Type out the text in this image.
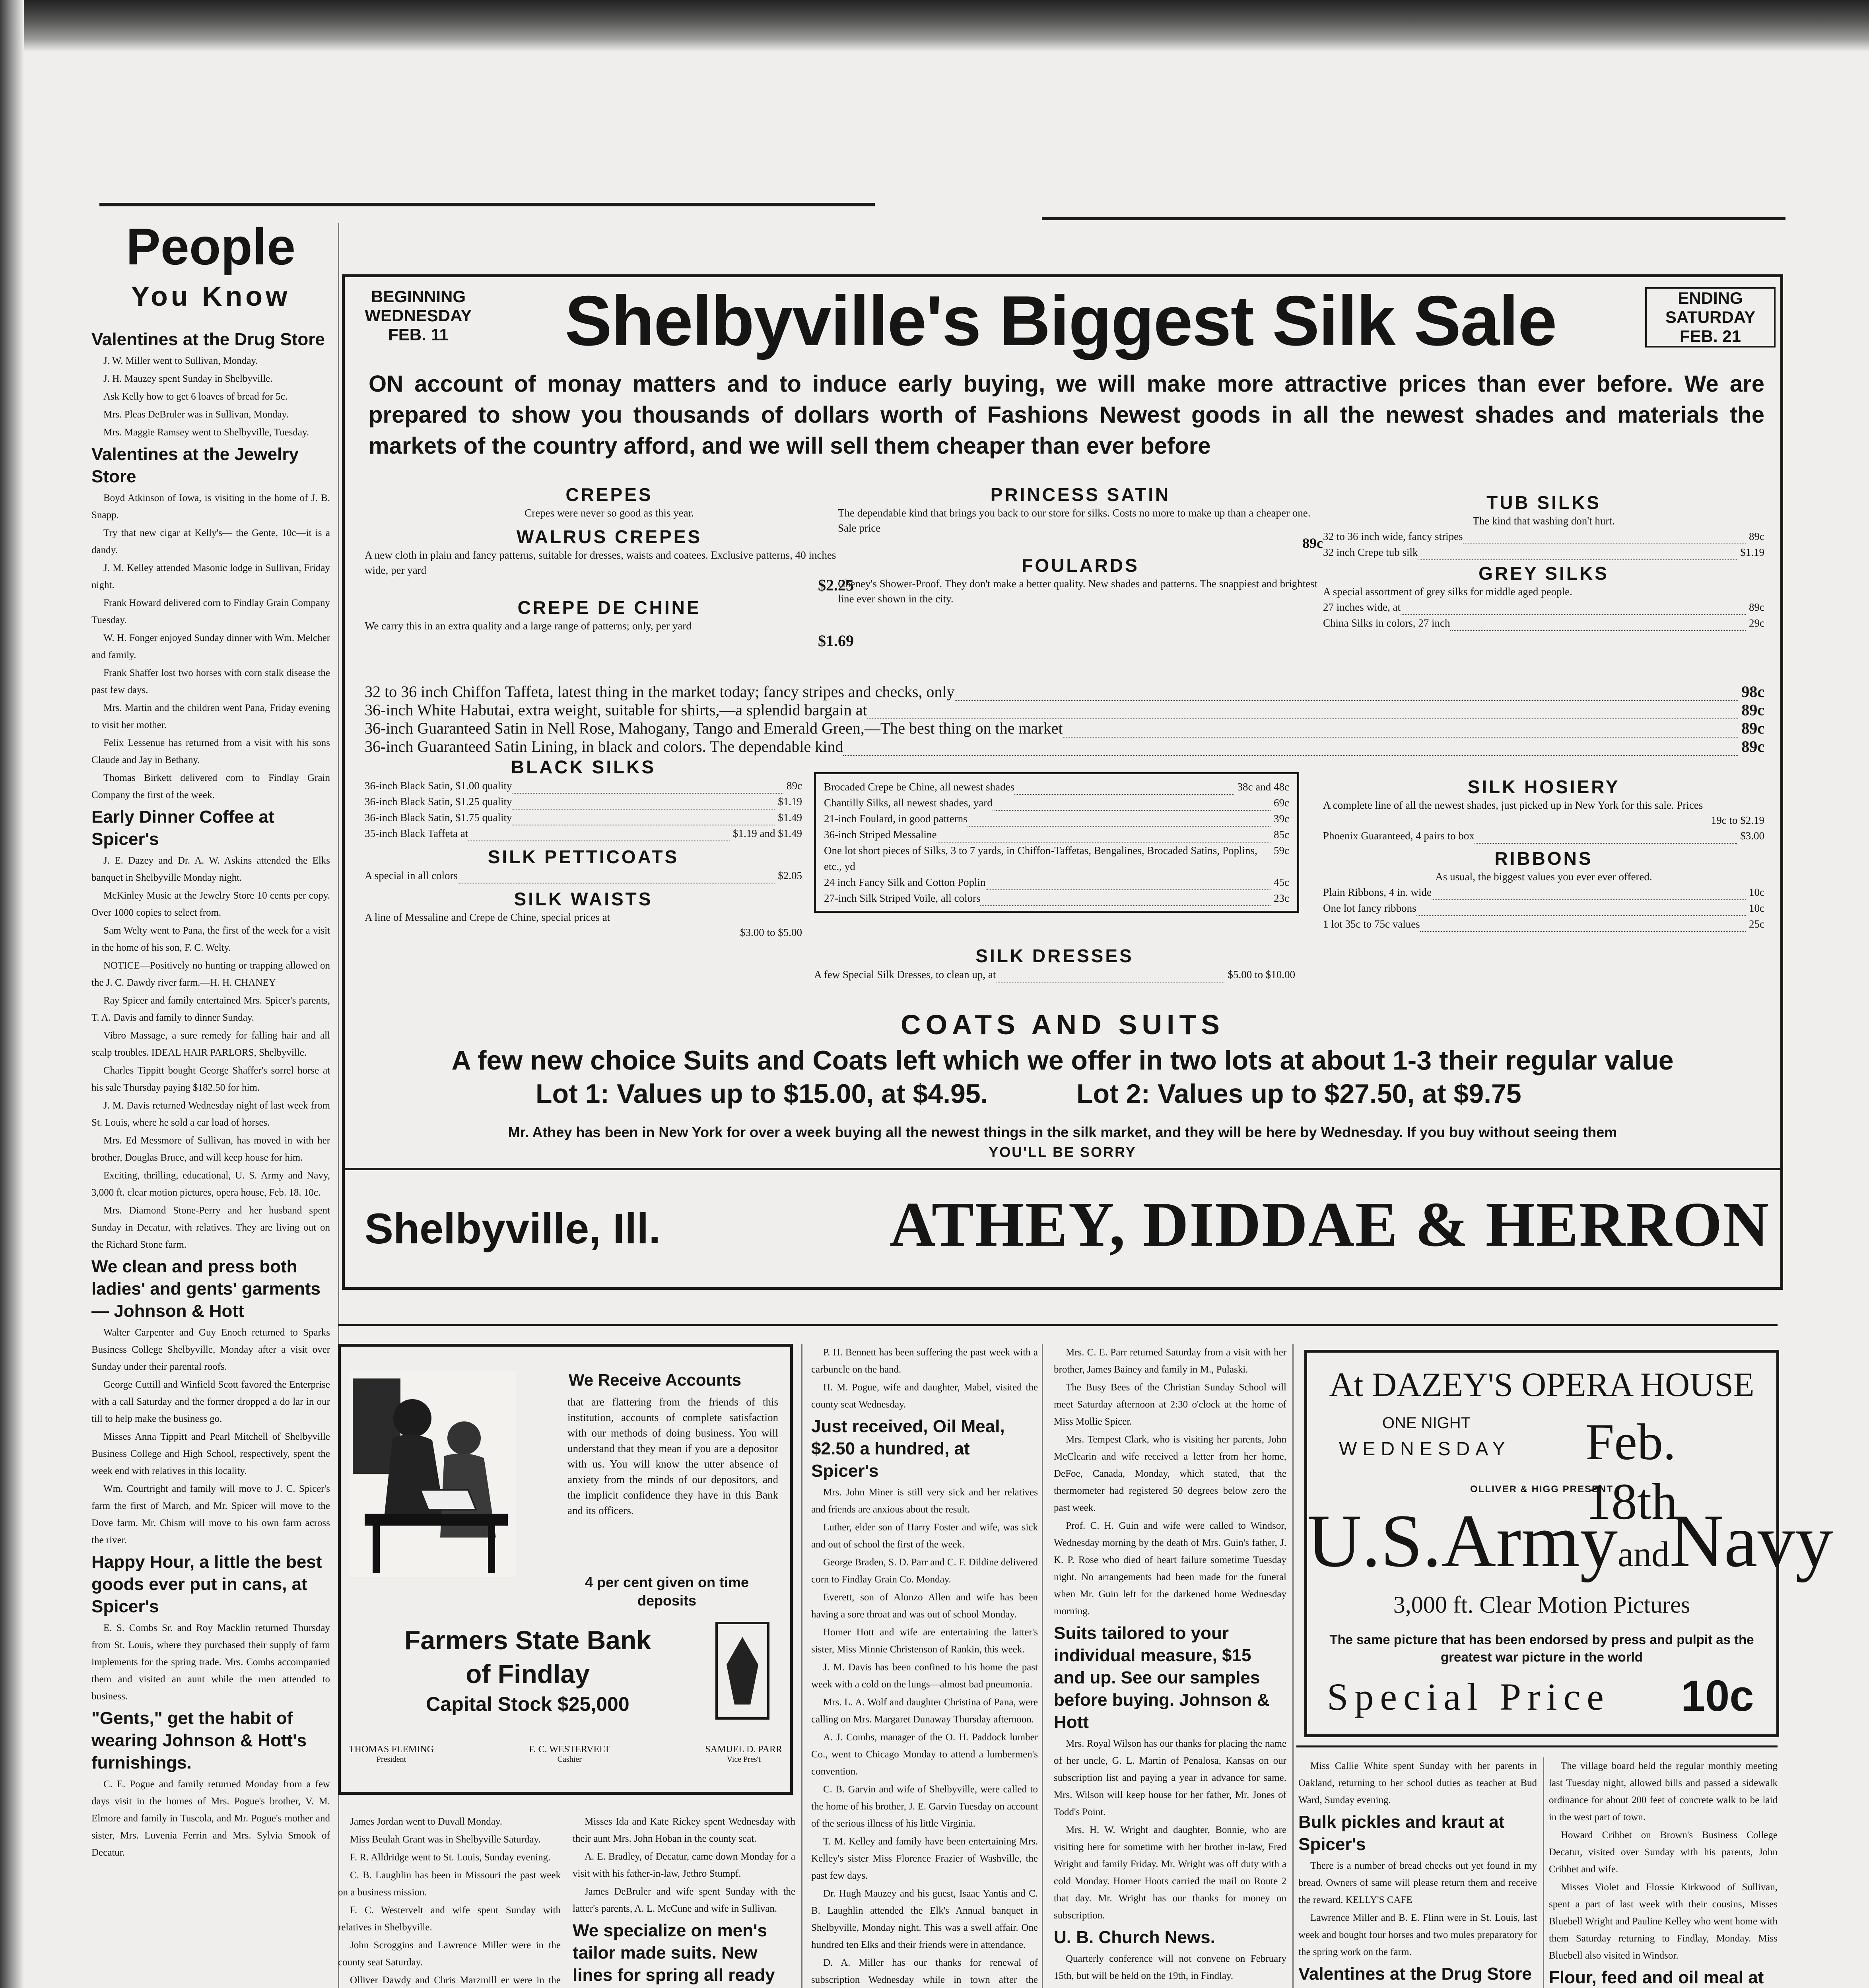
People
You Know

Valentines at the Drug Store

J. W. Miller went to Sullivan, Monday.

J. H. Mauzey spent Sunday in Shelbyville.

Ask Kelly how to get 6 loaves of bread for 5c.

Mrs. Pleas DeBruler was in Sullivan, Monday.

Mrs. Maggie Ramsey went to Shelbyville, Tuesday.

Valentines at the Jewelry Store

Boyd Atkinson of Iowa, is visiting in the home of J. B. Snapp.

Try that new cigar at Kelly's— the Gente, 10c—it is a dandy.

J. M. Kelley attended Masonic lodge in Sullivan, Friday night.

Frank Howard delivered corn to Findlay Grain Company Tuesday.

W. H. Fonger enjoyed Sunday dinner with Wm. Melcher and family.

Frank Shaffer lost two horses with corn stalk disease the past few days.

Mrs. Martin and the children went Pana, Friday evening to visit her mother.

Felix Lessenue has returned from a visit with his sons Claude and Jay in Bethany.

Thomas Birkett delivered corn to Findlay Grain Company the first of the week.

Early Dinner Coffee at Spicer's

J. E. Dazey and Dr. A. W. Askins attended the Elks banquet in Shelbyville Monday night.

McKinley Music at the Jewelry Store 10 cents per copy. Over 1000 copies to select from.

Sam Welty went to Pana, the first of the week for a visit in the home of his son, F. C. Welty.

NOTICE—Positively no hunting or trapping allowed on the J. C. Dawdy river farm.—H. H. CHANEY

Ray Spicer and family entertained Mrs. Spicer's parents, T. A. Davis and family to dinner Sunday.

Vibro Massage, a sure remedy for falling hair and all scalp troubles. IDEAL HAIR PARLORS, Shelbyville.

Charles Tippitt bought George Shaffer's sorrel horse at his sale Thursday paying $182.50 for him.

J. M. Davis returned Wednesday night of last week from St. Louis, where he sold a car load of horses.

Mrs. Ed Messmore of Sullivan, has moved in with her brother, Douglas Bruce, and will keep house for him.

Exciting, thrilling, educational, U. S. Army and Navy, 3,000 ft. clear motion pictures, opera house, Feb. 18. 10c.

Mrs. Diamond Stone-Perry and her husband spent Sunday in Decatur, with relatives. They are living out on the Richard Stone farm.

We clean and press both ladies' and gents' garments — Johnson & Hott

Walter Carpenter and Guy Enoch returned to Sparks Business College Shelbyville, Monday after a visit over Sunday under their parental roofs.

George Cuttill and Winfield Scott favored the Enterprise with a call Saturday and the former dropped a do lar in our till to help make the business go.

Misses Anna Tippitt and Pearl Mitchell of Shelbyville Business College and High School, respectively, spent the week end with relatives in this locality.

Wm. Courtright and family will move to J. C. Spicer's farm the first of March, and Mr. Spicer will move to the Dove farm. Mr. Chism will move to his own farm across the river.

Happy Hour, a little the best goods ever put in cans, at Spicer's

E. S. Combs Sr. and Roy Macklin returned Thursday from St. Louis, where they purchased their supply of farm implements for the spring trade. Mrs. Combs accompanied them and visited an aunt while the men attended to business.

"Gents," get the habit of wearing Johnson & Hott's furnishings.

C. E. Pogue and family returned Monday from a few days visit in the homes of Mrs. Pogue's brother, V. M. Elmore and family in Tuscola, and Mr. Pogue's mother and sister, Mrs. Luvenia Ferrin and Mrs. Sylvia Smook of Decatur.

BEGINNING
WEDNESDAY
FEB. 11	Shelbyville's Biggest Silk Sale	ENDING
SATURDAY
FEB. 21
ON account of monay matters and to induce early buying, we will make more attractive prices than ever before. We are prepared to show you thousands of dollars worth of Fashions Newest goods in all the newest shades and materials the markets of the country afford, and we will sell them cheaper than ever before
CREPES
Crepes were never so good as this year.
WALRUS CREPES
A new cloth in plain and fancy patterns, suitable for dresses, waists and coatees. Exclusive patterns, 40 inches wide, per yard
$2.25
CREPE DE CHINE
We carry this in an extra quality and a large range of patterns; only, per yard
$1.69
PRINCESS SATIN
The dependable kind that brings you back to our store for silks. Costs no more to make up than a cheaper one. Sale price
89c
FOULARDS
Cheney's Shower-Proof. They don't make a better quality. New shades and patterns. The snappiest and brightest line ever shown in the city.
TUB SILKS
The kind that washing don't hurt.
32 to 36 inch wide, fancy stripes	89c
32 inch Crepe tub silk	$1.19
GREY SILKS
A special assortment of grey silks for middle aged people.
27 inches wide, at	89c
China Silks in colors, 27 inch	29c
32 to 36 inch Chiffon Taffeta, latest thing in the market today; fancy stripes and checks, only	98c
36-inch White Habutai, extra weight, suitable for shirts,—a splendid bargain at	89c
36-inch Guaranteed Satin in Nell Rose, Mahogany, Tango and Emerald Green,—The best thing on the market	89c
36-inch Guaranteed Satin Lining, in black and colors. The dependable kind	89c
BLACK SILKS
36-inch Black Satin, $1.00 quality	89c
36-inch Black Satin, $1.25 quality	$1.19
36-inch Black Satin, $1.75 quality	$1.49
35-inch Black Taffeta at	$1.19 and $1.49
SILK PETTICOATS
A special in all colors	$2.05
SILK WAISTS
A line of Messaline and Crepe de Chine, special prices at
$3.00 to $5.00
Brocaded Crepe be Chine, all newest shades	38c and 48c
Chantilly Silks, all newest shades, yard	69c
21-inch Foulard, in good patterns	39c
36-inch Striped Messaline	85c
One lot short pieces of Silks, 3 to 7 yards, in Chiffon-Taffetas, Bengalines, Brocaded Satins, Poplins, etc., yd
59c
24 inch Fancy Silk and Cotton Poplin	45c
27-inch Silk Striped Voile, all colors	23c
SILK DRESSES
A few Special Silk Dresses, to clean up, at	$5.00 to $10.00
SILK HOSIERY
A complete line of all the newest shades, just picked up in New York for this sale. Prices
19c to $2.19
Phoenix Guaranteed, 4 pairs to box	$3.00
RIBBONS
As usual, the biggest values you ever ever offered.
Plain Ribbons, 4 in. wide	10c
One lot fancy ribbons	10c
1 lot 35c to 75c values	25c
COATS AND SUITS
A few new choice Suits and Coats left which we offer in two lots at about 1-3 their regular value
Lot 1: Values up to $15.00, at $4.95.	Lot 2: Values up to $27.50, at $9.75
Mr. Athey has been in New York for over a week buying all the newest things in the silk market, and they will be here by Wednesday. If you buy without seeing them
YOU'LL BE SORRY
Shelbyville, Ill.	ATHEY, DIDDAE & HERRON
We Receive Accounts
that are flattering from the friends of this institution, accounts of complete satisfaction with our methods of doing business. You will understand that they mean if you are a depositor with us. You will know the utter absence of anxiety from the minds of our depositors, and the implicit confidence they have in this Bank and its officers.
4 per cent given on time deposits
Farmers State Bank
of Findlay
Capital Stock $25,000
THOMAS FLEMING
President
F. C. WESTERVELT
Cashier
SAMUEL D. PARR
Vice Pres't

James Jordan went to Duvall Monday.

Miss Beulah Grant was in Shelbyville Saturday.

F. R. Alldridge went to St. Louis, Sunday evening.

C. B. Laughlin has been in Missouri the past week on a business mission.

F. C. Westervelt and wife spent Sunday with relatives in Shelbyville.

John Scroggins and Lawrence Miller were in the county seat Saturday.

Olliver Dawdy and Chris Marzmill er were in the

Misses Ida and Kate Rickey spent Wednesday with their aunt Mrs. John Hoban in the county seat.

A. E. Bradley, of Decatur, came down Monday for a visit with his father-in-law, Jethro Stumpf.

James DeBruler and wife spent Sunday with the latter's parents, A. L. McCune and wife in Sullivan.

We specialize on men's tailor made suits. New lines for spring all ready

P. H. Bennett has been suffering the past week with a carbuncle on the hand.

H. M. Pogue, wife and daughter, Mabel, visited the county seat Wednesday.

Just received, Oil Meal, $2.50 a hundred, at Spicer's

Mrs. John Miner is still very sick and her relatives and friends are anxious about the result.

Luther, elder son of Harry Foster and wife, was sick and out of school the first of the week.

George Braden, S. D. Parr and C. F. Dildine delivered corn to Findlay Grain Co. Monday.

Everett, son of Alonzo Allen and wife has been having a sore throat and was out of school Monday.

Homer Hott and wife are entertaining the latter's sister, Miss Minnie Christenson of Rankin, this week.

J. M. Davis has been confined to his home the past week with a cold on the lungs—almost bad pneumonia.

Mrs. L. A. Wolf and daughter Christina of Pana, were calling on Mrs. Margaret Dunaway Thursday afternoon.

A. J. Combs, manager of the O. H. Paddock lumber Co., went to Chicago Monday to attend a lumbermen's convention.

C. B. Garvin and wife of Shelbyville, were called to the home of his brother, J. E. Garvin Tuesday on account of the serious illness of his little Virginia.

T. M. Kelley and family have been entertaining Mrs. Kelley's sister Miss Florence Frazier of Washville, the past few days.

Dr. Hugh Mauzey and his guest, Isaac Yantis and C. B. Laughlin attended the Elk's Annual banquet in Shelbyville, Monday night. This was a swell affair. One hundred ten Elks and their friends were in attendance.

D. A. Miller has our thanks for renewal of subscription Wednesday while in town after the

Mrs. C. E. Parr returned Saturday from a visit with her brother, James Bainey and family in M., Pulaski.

The Busy Bees of the Christian Sunday School will meet Saturday afternoon at 2:30 o'clock at the home of Miss Mollie Spicer.

Mrs. Tempest Clark, who is visiting her parents, John McClearin and wife received a letter from her home, DeFoe, Canada, Monday, which stated, that the thermometer had registered 50 degrees below zero the past week.

Prof. C. H. Guin and wife were called to Windsor, Wednesday morning by the death of Mrs. Guin's father, J. K. P. Rose who died of heart failure sometime Tuesday night. No arrangements had been made for the funeral when Mr. Guin left for the darkened home Wednesday morning.

Suits tailored to your individual measure, $15 and up. See our samples before buying. Johnson & Hott

Mrs. Royal Wilson has our thanks for placing the name of her uncle, G. L. Martin of Penalosa, Kansas on our subscription list and paying a year in advance for same. Mrs. Wilson will keep house for her father, Mr. Jones of Todd's Point.

Mrs. H. W. Wright and daughter, Bonnie, who are visiting here for sometime with her brother in-law, Fred Wright and family Friday. Mr. Wright was off duty with a cold Monday. Homer Hoots carried the mail on Route 2 that day. Mr. Wright has our thanks for money on subscription.

U. B. Church News.

Quarterly conference will not convene on February 15th, but will be held on the 19th, in Findlay.

At DAZEY'S OPERA HOUSE
ONE NIGHT
WEDNESDAY Feb. 18th
OLLIVER & HIGG PRESENT
U.S.ArmyandNavy
3,000 ft. Clear Motion Pictures
The same picture that has been endorsed by press and pulpit as the greatest war picture in the world
Special Price 10c

Miss Callie White spent Sunday with her parents in Oakland, returning to her school duties as teacher at Bud Ward, Sunday evening.

Bulk pickles and kraut at Spicer's

There is a number of bread checks out yet found in my bread. Owners of same will please return them and receive the reward. KELLY'S CAFE

Lawrence Miller and B. E. Flinn were in St. Louis, last week and bought four horses and two mules preparatory for the spring work on the farm.

Valentines at the Drug Store

The village board held the regular monthly meeting last Tuesday night, allowed bills and passed a sidewalk ordinance for about 200 feet of concrete walk to be laid in the west part of town.

Howard Cribbet on Brown's Business College Decatur, visited over Sunday with his parents, John Cribbet and wife.

Misses Violet and Flossie Kirkwood of Sullivan, spent a part of last week with their cousins, Misses Bluebell Wright and Pauline Kelley who went home with them Saturday returning to Findlay, Monday. Miss Bluebell also visited in Windsor.

Flour, feed and oil meal at
